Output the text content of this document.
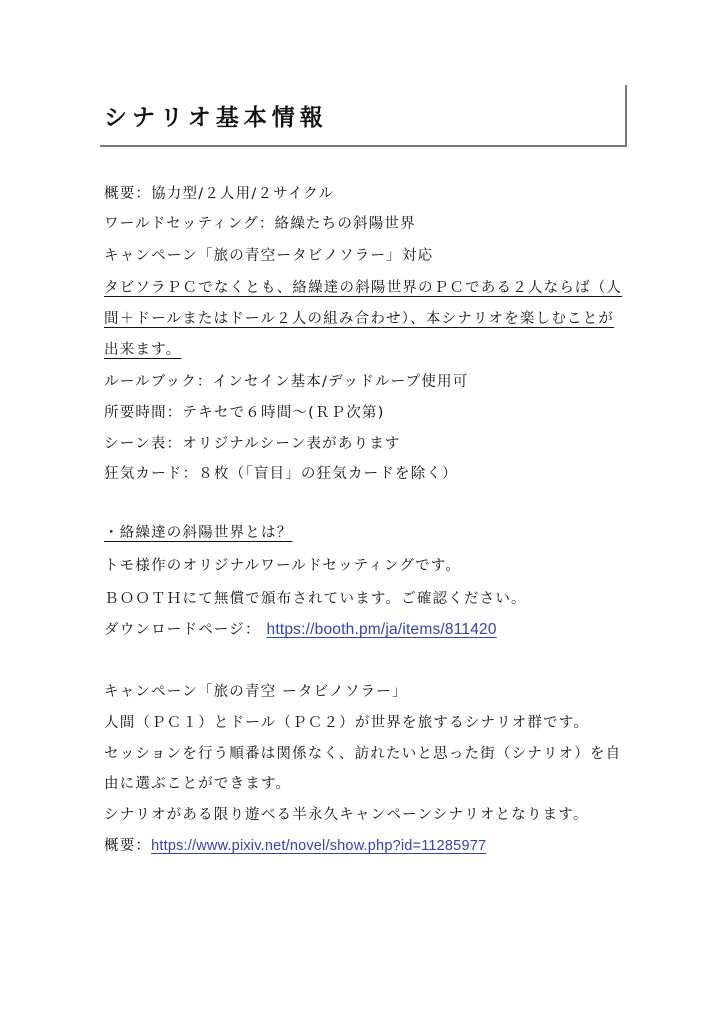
シナリオ基本情報
概要：協力型/２人用/２サイクル
ワールドセッティング：絡繰たちの斜陽世界
キャンペーン「旅の青空ータビノソラー」対応
タビソラＰＣでなくとも、絡繰達の斜陽世界のＰＣである２人ならば（人
間＋ドールまたはドール２人の組み合わせ）、本シナリオを楽しむことが
出来ます。
ルールブック：インセイン基本/デッドループ使用可
所要時間：テキセで６時間～(ＲＰ次第)
シーン表：オリジナルシーン表があります
狂気カード：８枚（「盲目」の狂気カードを除く）
・絡繰達の斜陽世界とは？
トモ様作のオリジナルワールドセッティングです。
ＢＯＯＴＨにて無償で頒布されています。ご確認ください。
ダウンロードページ： https://booth.pm/ja/items/811420
キャンペーン「旅の青空 ータビノソラー」
人間（ＰＣ１）とドール（ＰＣ２）が世界を旅するシナリオ群です。
セッションを行う順番は関係なく、訪れたいと思った街（シナリオ）を自
由に選ぶことができます。
シナリオがある限り遊べる半永久キャンペーンシナリオとなります。
概要：https://www.pixiv.net/novel/show.php?id=11285977
